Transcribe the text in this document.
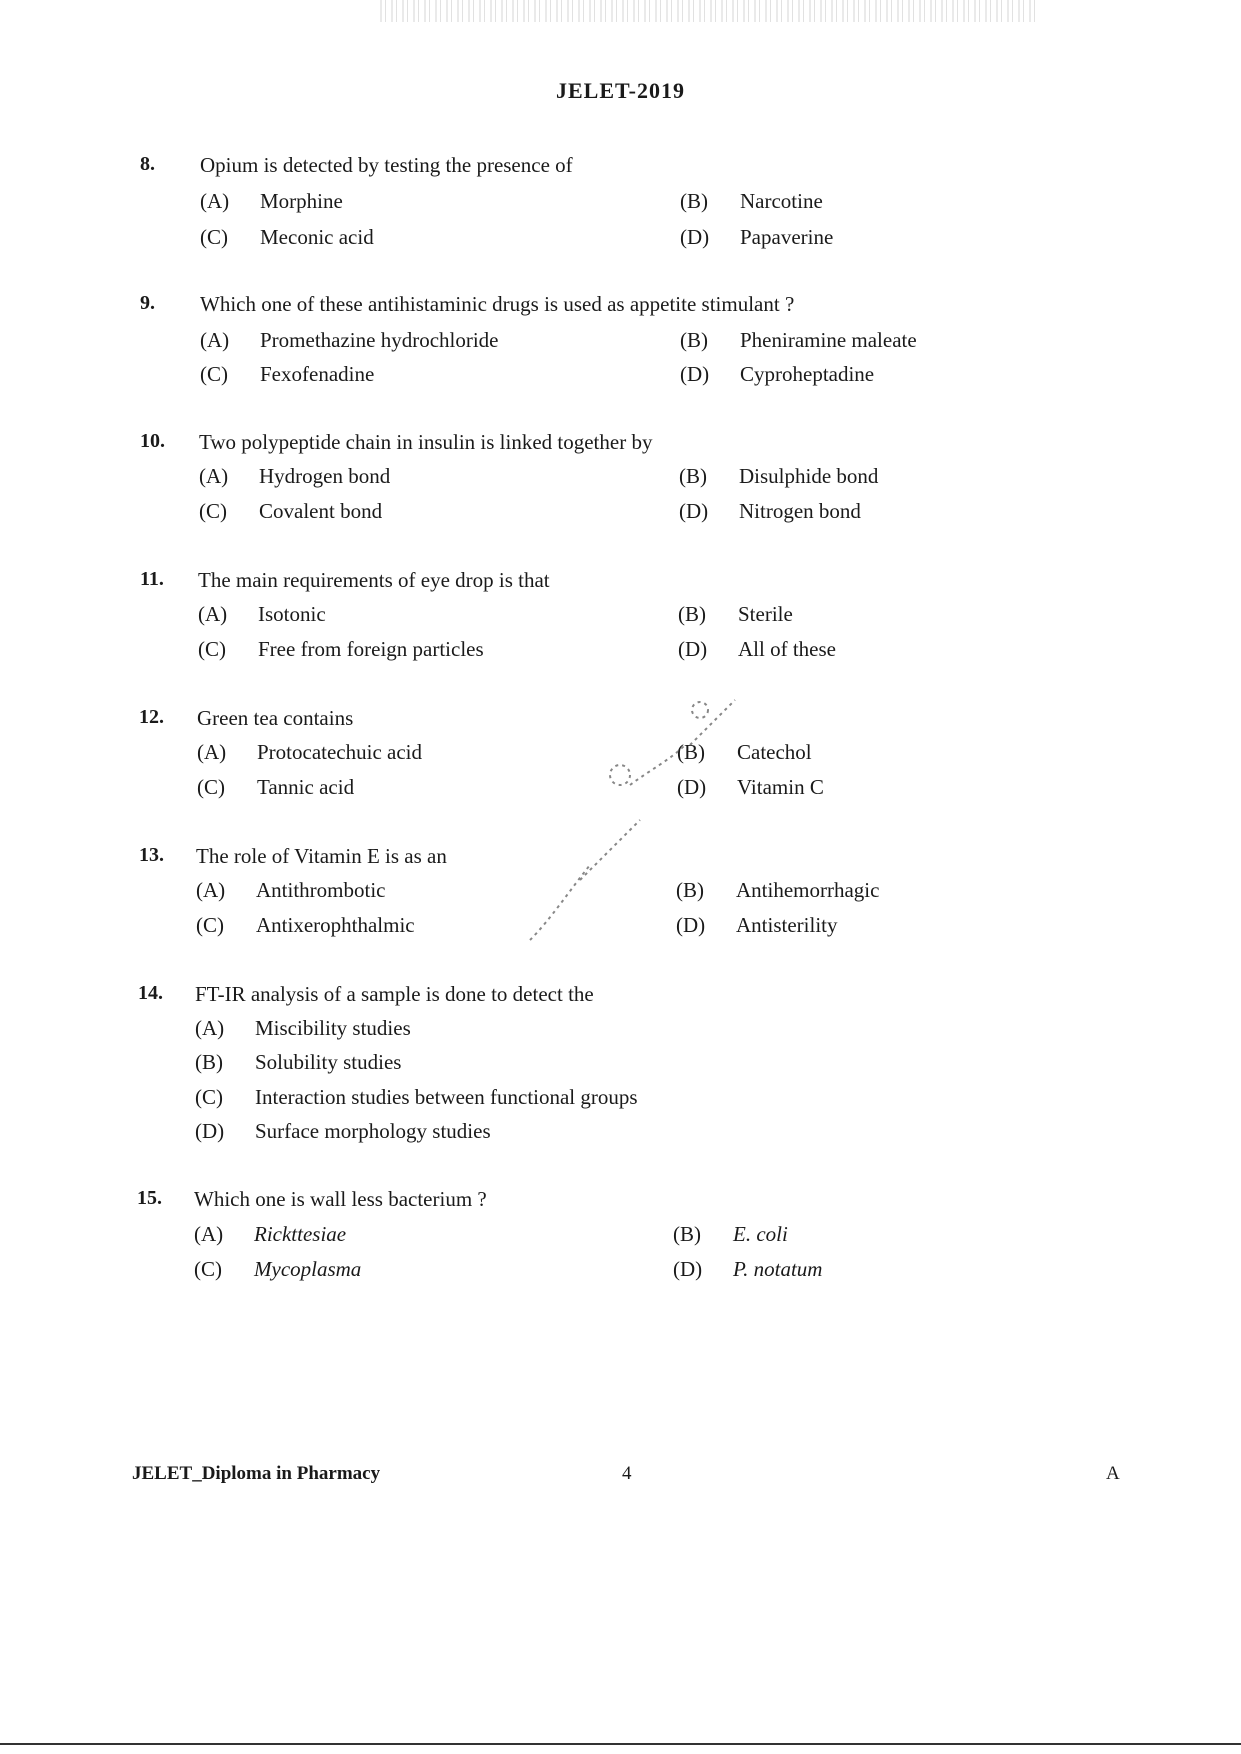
JELET-2019
8. Opium is detected by testing the presence of
(A) Morphine	(B) Narcotine
(C) Meconic acid	(D) Papaverine
9. Which one of these antihistaminic drugs is used as appetite stimulant ?
(A) Promethazine hydrochloride	(B) Pheniramine maleate
(C) Fexofenadine	(D) Cyproheptadine
10. Two polypeptide chain in insulin is linked together by
(A) Hydrogen bond	(B) Disulphide bond
(C) Covalent bond	(D) Nitrogen bond
11. The main requirements of eye drop is that
(A) Isotonic	(B) Sterile
(C) Free from foreign particles	(D) All of these
12. Green tea contains
(A) Protocatechuic acid	(B) Catechol
(C) Tannic acid	(D) Vitamin C
13. The role of Vitamin E is as an
(A) Antithrombotic	(B) Antihemorrhagic
(C) Antixerophthalmic	(D) Antisterility
14. FT-IR analysis of a sample is done to detect the
(A) Miscibility studies
(B) Solubility studies
(C) Interaction studies between functional groups
(D) Surface morphology studies
15. Which one is wall less bacterium ?
(A) Rickttesiae	(B) E. coli
(C) Mycoplasma	(D) P. notatum
JELET_Diploma in Pharmacy	4	A
